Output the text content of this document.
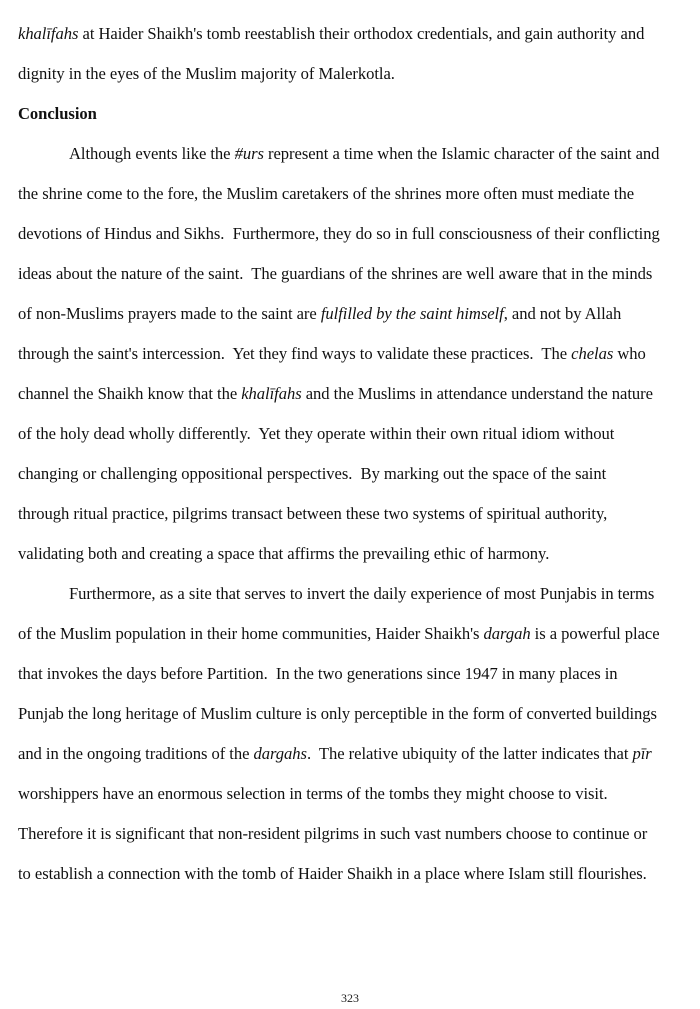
khalīfahs at Haider Shaikh's tomb reestablish their orthodox credentials, and gain authority and
dignity in the eyes of the Muslim majority of Malerkotla.
Conclusion
Although events like the #urs represent a time when the Islamic character of the saint and
the shrine come to the fore, the Muslim caretakers of the shrines more often must mediate the
devotions of Hindus and Sikhs.  Furthermore, they do so in full consciousness of their conflicting
ideas about the nature of the saint.  The guardians of the shrines are well aware that in the minds
of non-Muslims prayers made to the saint are fulfilled by the saint himself, and not by Allah
through the saint's intercession.  Yet they find ways to validate these practices.  The chelas who
channel the Shaikh know that the khalīfahs and the Muslims in attendance understand the nature
of the holy dead wholly differently.  Yet they operate within their own ritual idiom without
changing or challenging oppositional perspectives.  By marking out the space of the saint
through ritual practice, pilgrims transact between these two systems of spiritual authority,
validating both and creating a space that affirms the prevailing ethic of harmony.
Furthermore, as a site that serves to invert the daily experience of most Punjabis in terms
of the Muslim population in their home communities, Haider Shaikh's dargah is a powerful place
that invokes the days before Partition.  In the two generations since 1947 in many places in
Punjab the long heritage of Muslim culture is only perceptible in the form of converted buildings
and in the ongoing traditions of the dargahs.  The relative ubiquity of the latter indicates that pīr
worshippers have an enormous selection in terms of the tombs they might choose to visit.
Therefore it is significant that non-resident pilgrims in such vast numbers choose to continue or
to establish a connection with the tomb of Haider Shaikh in a place where Islam still flourishes.
323
